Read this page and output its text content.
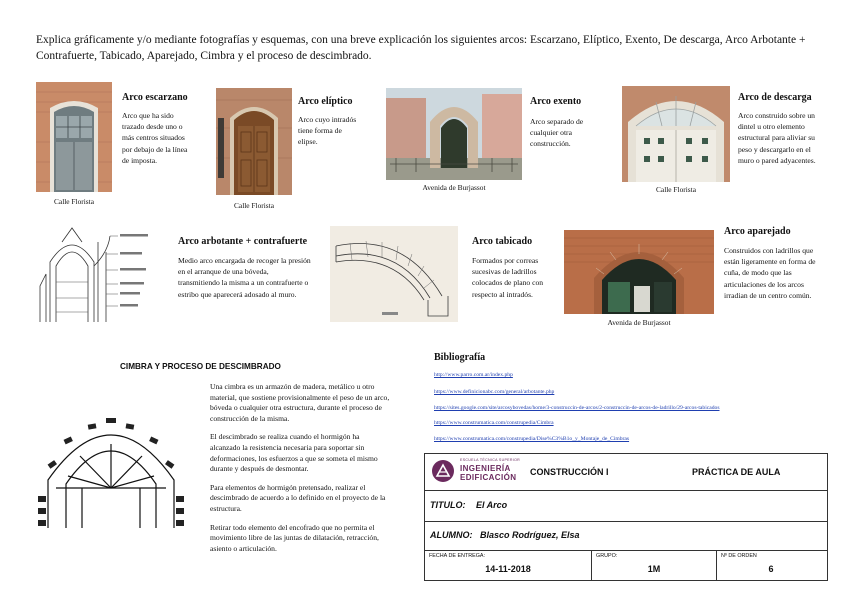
Explica gráficamente y/o mediante fotografías y esquemas, con una breve explicación los siguientes arcos: Escarzano, Elíptico, Exento, De descarga, Arco Arbotante + Contrafuerte, Tabicado, Aparejado, Cimbra y el proceso de descimbrado.
Arco escarzano
Arco que ha sido trazado desde uno o más centros situados por debajo de la línea de imposta.
Calle Florista
Arco elíptico
Arco cuyo intradós tiene forma de elipse.
Calle Florista
Arco exento
Arco separado de cualquier otra construcción.
Avenida de Burjassot
Arco de descarga
Arco construido sobre un dintel u otro elemento estructural para aliviar su peso y descargarlo en el muro o pared adyacentes.
Calle Florista
Arco arbotante + contrafuerte
Medio arco encargada de recoger la presión en el arranque de una bóveda, transmitiendo la misma a un contrafuerte o estribo que aparecerá adosado al muro.
Arco tabicado
Formados por correas sucesivas de ladrillos colocados de plano con respecto al intradós.
Arco aparejado
Construidos con ladrillos que están ligeramente en forma de cuña, de modo que las articulaciones de los arcos irradian de un centro común.
Avenida de Burjassot
CIMBRA Y PROCESO DE DESCIMBRADO

Una cimbra es un armazón de madera, metálico u otro material, que sostiene provisionalmente el peso de un arco, bóveda o cualquier otra estructura, durante el proceso de construcción de la misma.

El descimbrado se realiza cuando el hormigón ha alcanzado la resistencia necesaria para soportar sin deformaciones, los esfuerzos a que se someta el mismo durante y después de desmontar.

Para elementos de hormigón pretensado, realizar el descimbrado de acuerdo a lo definido en el proyecto de la estructura.

Retirar todo elemento del encofrado que no permita el movimiento libre de las juntas de dilatación, retracción, asiento o articulación.

Bibliografía
http://www.parro.com.ar/index.php
https://www.definicionabc.com/general/arbotante.php
https://sites.google.com/site/arcosybovedas/home/3-construccin-de-arcos/2-construccin-de-arcos-de-ladrillo/29-arcos-tabicados
https://www.construmatica.com/construpedia/Cimbra
https://www.construmatica.com/construpedia/Dise%C3%B1o_y_Montaje_de_Cimbras
ESCUELA TÉCNICA SUPERIOR
INGENIERÍA
EDIFICACIÓN
CONSTRUCCIÓN I	PRÁCTICA DE AULA
TITULO: El Arco
ALUMNO: Blasco Rodríguez, Elsa
FECHA DE ENTREGA:
14-11-2018
GRUPO:
1M
Nº DE ORDEN
6
